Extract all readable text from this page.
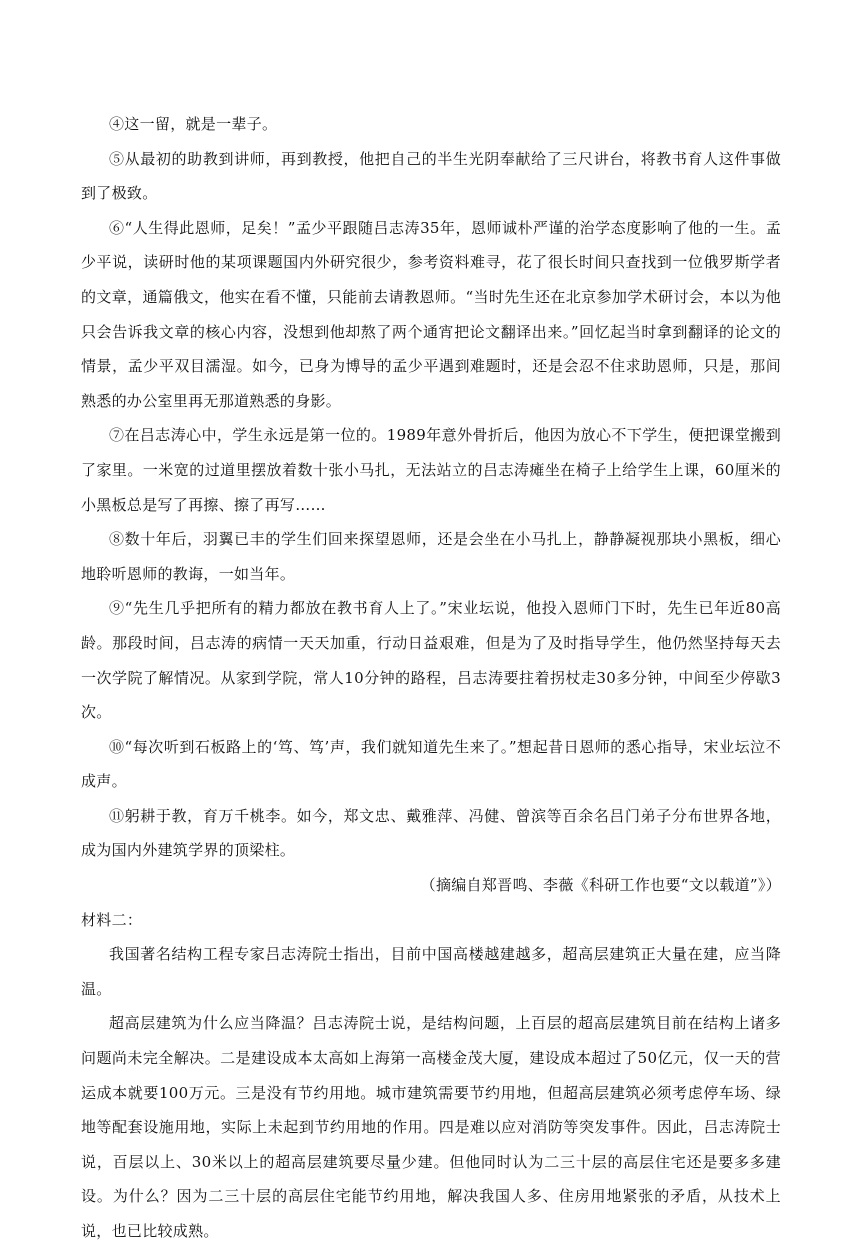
④这一留，就是一辈子。

⑤从最初的助教到讲师，再到教授，他把自己的半生光阴奉献给了三尺讲台，将教书育人这件事做到了极致。

⑥“人生得此恩师，足矣！”孟少平跟随吕志涛35年，恩师诚朴严谨的治学态度影响了他的一生。孟少平说，读研时他的某项课题国内外研究很少，参考资料难寻，花了很长时间只查找到一位俄罗斯学者的文章，通篇俄文，他实在看不懂，只能前去请教恩师。“当时先生还在北京参加学术研讨会，本以为他只会告诉我文章的核心内容，没想到他却熬了两个通宵把论文翻译出来。”回忆起当时拿到翻译的论文的情景，孟少平双目濡湿。如今，已身为博导的孟少平遇到难题时，还是会忍不住求助恩师，只是，那间熟悉的办公室里再无那道熟悉的身影。

⑦在吕志涛心中，学生永远是第一位的。1989年意外骨折后，他因为放心不下学生，便把课堂搬到了家里。一米宽的过道里摆放着数十张小马扎，无法站立的吕志涛瘫坐在椅子上给学生上课，60厘米的小黑板总是写了再擦、擦了再写……

⑧数十年后，羽翼已丰的学生们回来探望恩师，还是会坐在小马扎上，静静凝视那块小黑板，细心地聆听恩师的教诲，一如当年。

⑨“先生几乎把所有的精力都放在教书育人上了。”宋业坛说，他投入恩师门下时，先生已年近80高龄。那段时间，吕志涛的病情一天天加重，行动日益艰难，但是为了及时指导学生，他仍然坚持每天去一次学院了解情况。从家到学院，常人10分钟的路程，吕志涛要拄着拐杖走30多分钟，中间至少停歇3次。

⑩“每次听到石板路上的‘笃、笃’声，我们就知道先生来了。”想起昔日恩师的悉心指导，宋业坛泣不成声。

⑪躬耕于教，育万千桃李。如今，郑文忠、戴雅萍、冯健、曾滨等百余名吕门弟子分布世界各地，成为国内外建筑学界的顶梁柱。

（摘编自郑晋鸣、李薇《科研工作也要“文以载道”》）

材料二：

我国著名结构工程专家吕志涛院士指出，目前中国高楼越建越多，超高层建筑正大量在建，应当降温。

超高层建筑为什么应当降温？吕志涛院士说，是结构问题，上百层的超高层建筑目前在结构上诸多问题尚未完全解决。二是建设成本太高如上海第一高楼金茂大厦，建设成本超过了50亿元，仅一天的营运成本就要100万元。三是没有节约用地。城市建筑需要节约用地，但超高层建筑必须考虑停车场、绿地等配套设施用地，实际上未起到节约用地的作用。四是难以应对消防等突发事件。因此，吕志涛院士说，百层以上、30米以上的超高层建筑要尽量少建。但他同时认为二三十层的高层住宅还是要多多建设。为什么？因为二三十层的高层住宅能节约用地，解决我国人多、住房用地紧张的矛盾，从技术上说，也已比较成熟。
